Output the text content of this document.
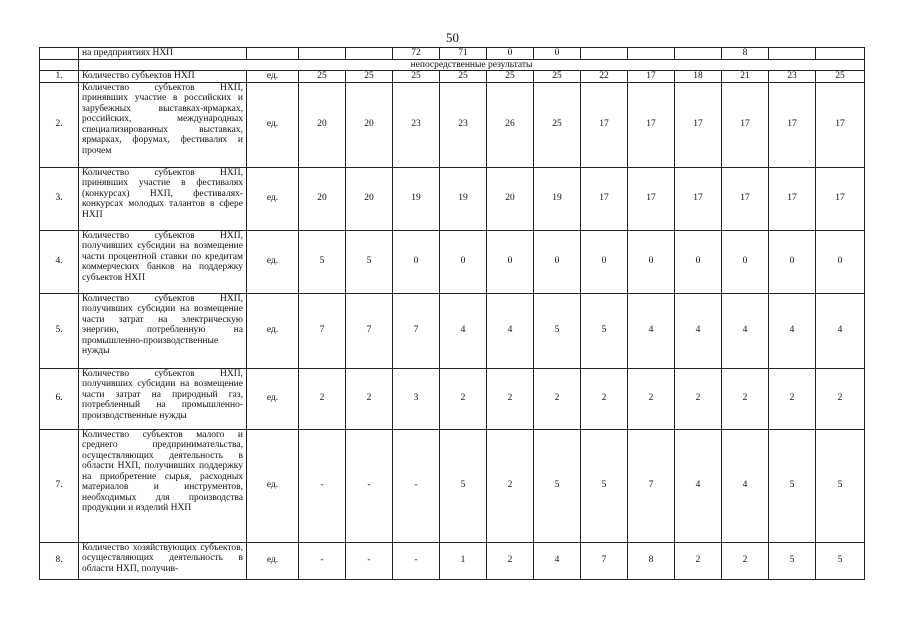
50
	на предприятиях НХП				72	71	0	0				8		
	непосредственные результаты													
1.	Количество субъектов НХП	ед.	25	25	25	25	25	25	22	17	18	21	23	25
2.	Количество субъектов НХП, принявших участие в российских и зарубежных выставках-ярмарках, российских, международных специализированных выставках, ярмарках, форумах, фестивалях и прочем	ед.	20	20	23	23	26	25	17	17	17	17	17	17
3.	Количество субъектов НХП, принявших участие в фестивалях (конкурсах) НХП, фестивалях-конкурсах молодых талантов в сфере НХП	ед.	20	20	19	19	20	19	17	17	17	17	17	17
4.	Количество субъектов НХП, получивших субсидии на возмещение части процентной ставки по кредитам коммерческих банков на поддержку субъектов НХП	ед.	5	5	0	0	0	0	0	0	0	0	0	0
5.	Количество субъектов НХП, получивших субсидии на возмещение части затрат на электрическую энергию, потребленную на промышленно-производственные нужды	ед.	7	7	7	4	4	5	5	4	4	4	4	4
6.	Количество субъектов НХП, получивших субсидии на возмещение части затрат на природный газ, потребленный на промышленно-производственные нужды	ед.	2	2	3	2	2	2	2	2	2	2	2	2
7.	Количество субъектов малого и среднего предпринимательства, осуществляющих деятельность в области НХП, получивших поддержку на приобретение сырья, расходных материалов и инструментов, необходимых для производства продукции и изделий НХП	ед.	-	-	-	5	2	5	5	7	4	4	5	5
8.	Количество хозяйствующих субъектов, осуществляющих деятельность в области НХП, получив-	ед.	-	-	-	1	2	4	7	8	2	2	5	5
